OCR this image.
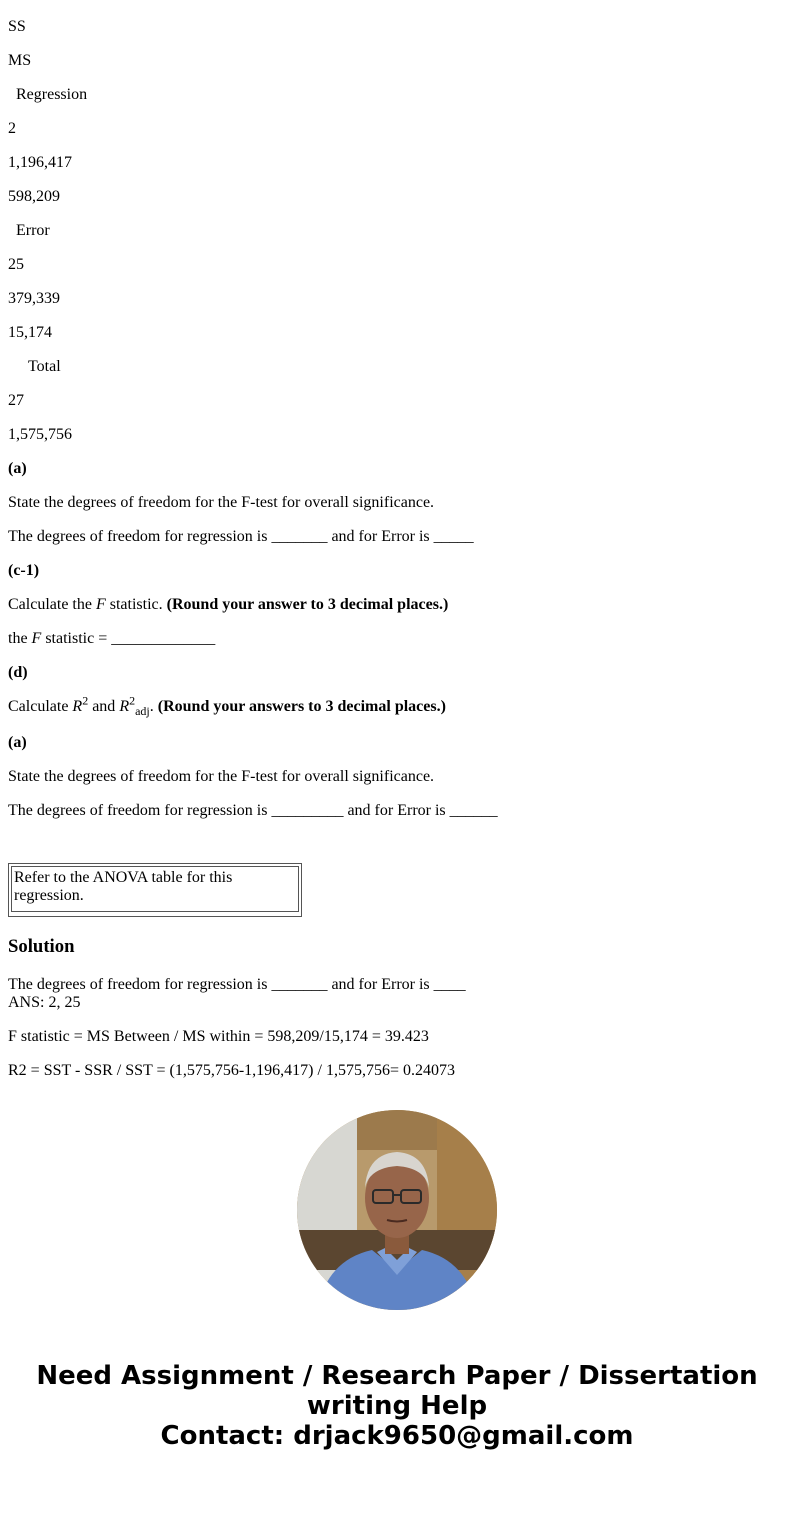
SS
MS
Regression
2
1,196,417
598,209
Error
25
379,339
15,174
Total
27
1,575,756
(a)
State the degrees of freedom for the F-test for overall significance.
The degrees of freedom for regression is _______ and for Error is _____
(c-1)
Calculate the F statistic. (Round your answer to 3 decimal places.)
the F statistic = _____________
(d)
Calculate $R^2$ and $R^2_{adj}$. (Round your answers to 3 decimal places.)
(a)
State the degrees of freedom for the F-test for overall significance.
The degrees of freedom for regression is _________ and for Error is ______
Refer to the ANOVA table for this regression.
Solution
The degrees of freedom for regression is _______ and for Error is ____
ANS: 2, 25
F statistic = MS Between / MS within = 598,209/15,174 = 39.423
R2 = SST - SSR / SST = (1,575,756-1,196,417) / 1,575,756= 0.24073
Need Assignment / Research Paper / Dissertation writing Help
Contact: drjack9650@gmail.com
